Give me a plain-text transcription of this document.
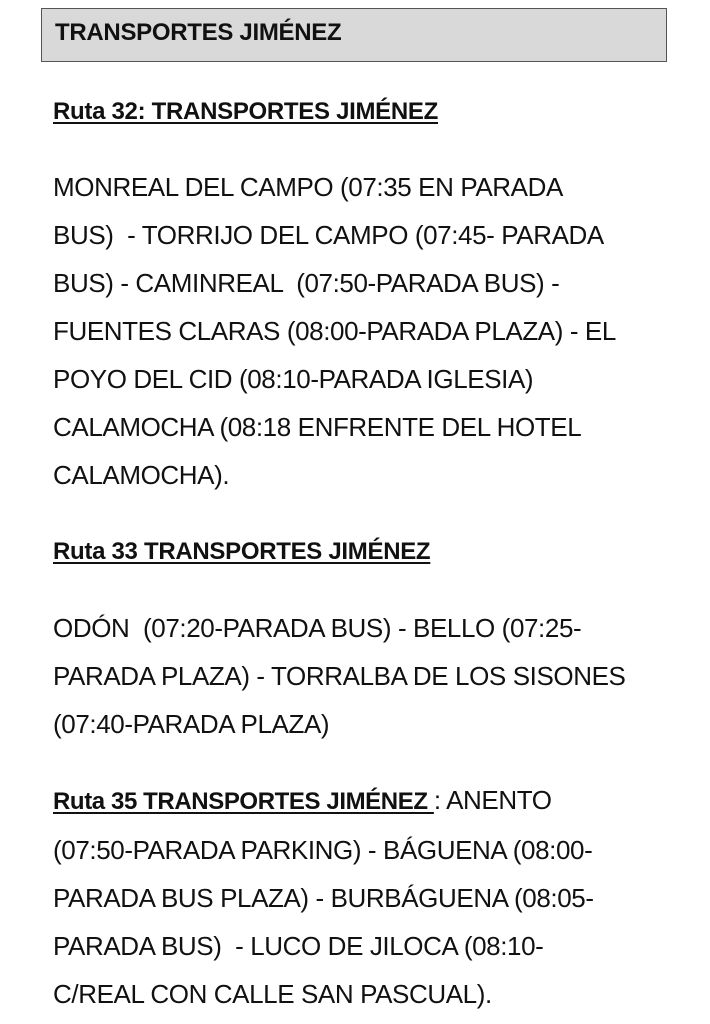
TRANSPORTES JIMÉNEZ
Ruta 32: TRANSPORTES JIMÉNEZ
MONREAL DEL CAMPO (07:35 EN PARADA
BUS)  - TORRIJO DEL CAMPO (07:45- PARADA
BUS) - CAMINREAL  (07:50-PARADA BUS) -
FUENTES CLARAS (08:00-PARADA PLAZA) - EL
POYO DEL CID (08:10-PARADA IGLESIA)
CALAMOCHA (08:18 ENFRENTE DEL HOTEL
CALAMOCHA).
Ruta 33 TRANSPORTES JIMÉNEZ
ODÓN  (07:20-PARADA BUS) - BELLO (07:25-
PARADA PLAZA) - TORRALBA DE LOS SISONES
(07:40-PARADA PLAZA)
Ruta 35 TRANSPORTES JIMÉNEZ : ANENTO
(07:50-PARADA PARKING) - BÁGUENA (08:00-
PARADA BUS PLAZA) - BURBÁGUENA (08:05-
PARADA BUS)  - LUCO DE JILOCA (08:10-
C/REAL CON CALLE SAN PASCUAL).
